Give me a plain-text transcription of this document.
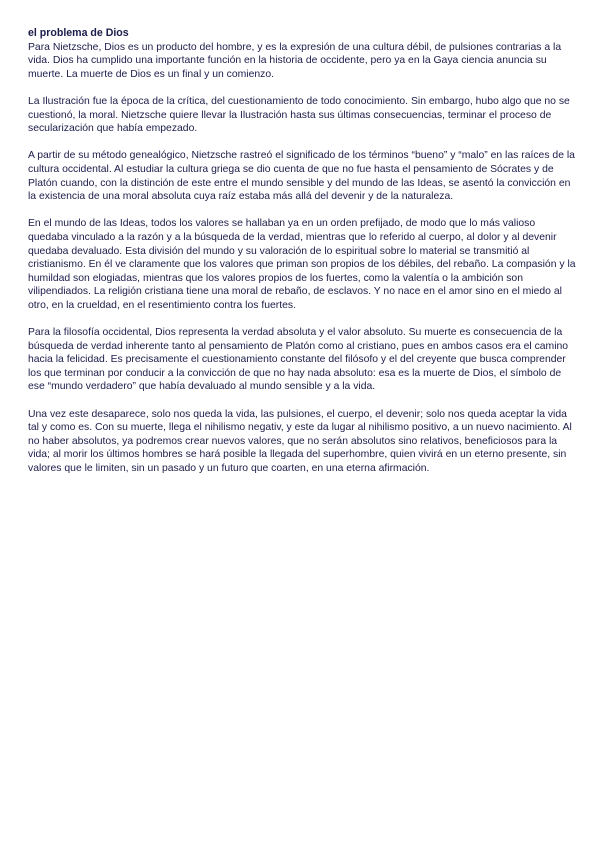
el problema de Dios

Para Nietzsche, Dios es un producto del hombre, y es la expresión de una cultura débil, de pulsiones contrarias a la vida. Dios ha cumplido una importante función en la historia de occidente, pero ya en la Gaya ciencia anuncia su muerte. La muerte de Dios es un final y un comienzo.

La Ilustración fue la época de la crítica, del cuestionamiento de todo conocimiento. Sin embargo, hubo algo que no se cuestionó, la moral. Nietzsche quiere llevar la Ilustración hasta sus últimas consecuencias, terminar el proceso de secularización que había empezado.

A partir de su método genealógico, Nietzsche rastreó el significado de los términos “bueno” y “malo” en las raíces de la cultura occidental. Al estudiar la cultura griega se dio cuenta de que no fue hasta el pensamiento de Sócrates y de Platón cuando, con la distinción de este entre el mundo sensible y del mundo de las Ideas, se asentó la convicción en la existencia de una moral absoluta cuya raíz estaba más allá del devenir y de la naturaleza.

En el mundo de las Ideas, todos los valores se hallaban ya en un orden prefijado, de modo que lo más valioso quedaba vinculado a la razón y a la búsqueda de la verdad, mientras que lo referido al cuerpo, al dolor y al devenir quedaba devaluado. Esta división del mundo y su valoración de lo espiritual sobre lo material se transmitió al cristianismo. En él ve claramente que los valores que priman son propios de los débiles, del rebaño. La compasión y la humildad son elogiadas, mientras que los valores propios de los fuertes, como la valentía o la ambición son vilipendiados. La religión cristiana tiene una moral de rebaño, de esclavos. Y no nace en el amor sino en el miedo al otro, en la crueldad, en el resentimiento contra los fuertes.

Para la filosofía occidental, Dios representa la verdad absoluta y el valor absoluto. Su muerte es consecuencia de la búsqueda de verdad inherente tanto al pensamiento de Platón como al cristiano, pues en ambos casos era el camino hacia la felicidad. Es precisamente el cuestionamiento constante del filósofo y el del creyente que busca comprender los que terminan por conducir a la convicción de que no hay nada absoluto: esa es la muerte de Dios, el símbolo de ese “mundo verdadero” que había devaluado al mundo sensible y a la vida.

Una vez este desaparece, solo nos queda la vida, las pulsiones, el cuerpo, el devenir; solo nos queda aceptar la vida tal y como es. Con su muerte, llega el nihilismo negativ, y este da lugar al nihilismo positivo, a un nuevo nacimiento. Al no haber absolutos, ya podremos crear nuevos valores, que no serán absolutos sino relativos, beneficiosos para la vida; al morir los últimos hombres se hará posible la llegada del superhombre, quien vivirá en un eterno presente, sin valores que le limiten, sin un pasado y un futuro que coarten, en una eterna afirmación.
